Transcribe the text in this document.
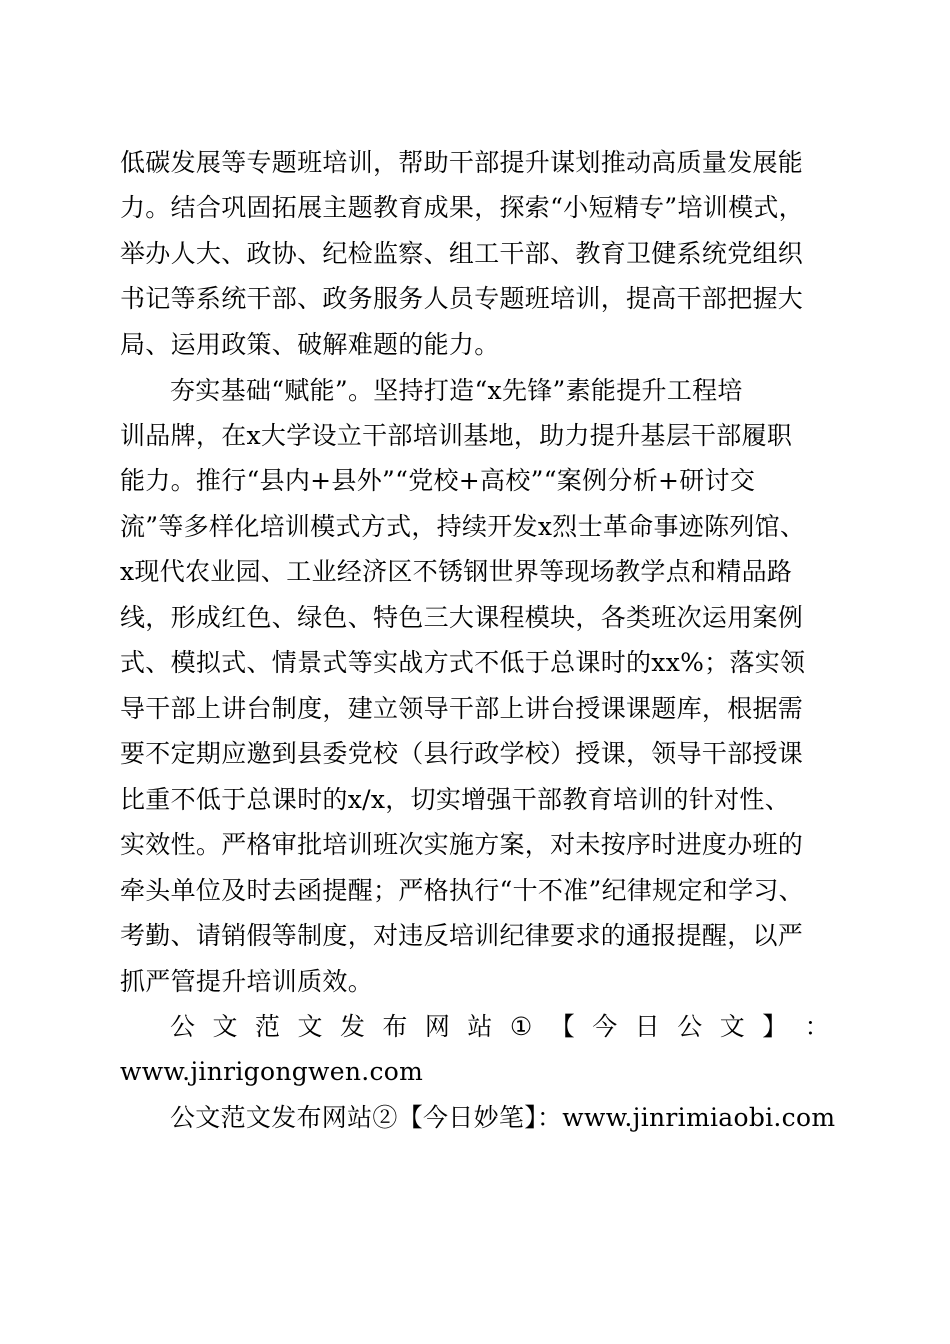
低碳发展等专题班培训，帮助干部提升谋划推动高质量发展能
力。结合巩固拓展主题教育成果，探索“小短精专”培训模式，
举办人大、政协、纪检监察、组工干部、教育卫健系统党组织
书记等系统干部、政务服务人员专题班培训，提高干部把握大
局、运用政策、破解难题的能力。
夯实基础“赋能”。坚持打造“x先锋”素能提升工程培
训品牌，在x大学设立干部培训基地，助力提升基层干部履职
能力。推行“县内+县外”“党校+高校”“案例分析+研讨交
流”等多样化培训模式方式，持续开发x烈士革命事迹陈列馆、
x现代农业园、工业经济区不锈钢世界等现场教学点和精品路
线，形成红色、绿色、特色三大课程模块，各类班次运用案例
式、模拟式、情景式等实战方式不低于总课时的xx%；落实领
导干部上讲台制度，建立领导干部上讲台授课课题库，根据需
要不定期应邀到县委党校（县行政学校）授课，领导干部授课
比重不低于总课时的x/x，切实增强干部教育培训的针对性、
实效性。严格审批培训班次实施方案，对未按序时进度办班的
牵头单位及时去函提醒；严格执行“十不准”纪律规定和学习、
考勤、请销假等制度，对违反培训纪律要求的通报提醒，以严
抓严管提升培训质效。
公 文 范 文 发 布 网 站 ① 【 今 日 公 文 】 ：
www.jinrigongwen.com
公文范文发布网站②【今日妙笔】：www.jinrimiaobi.com
